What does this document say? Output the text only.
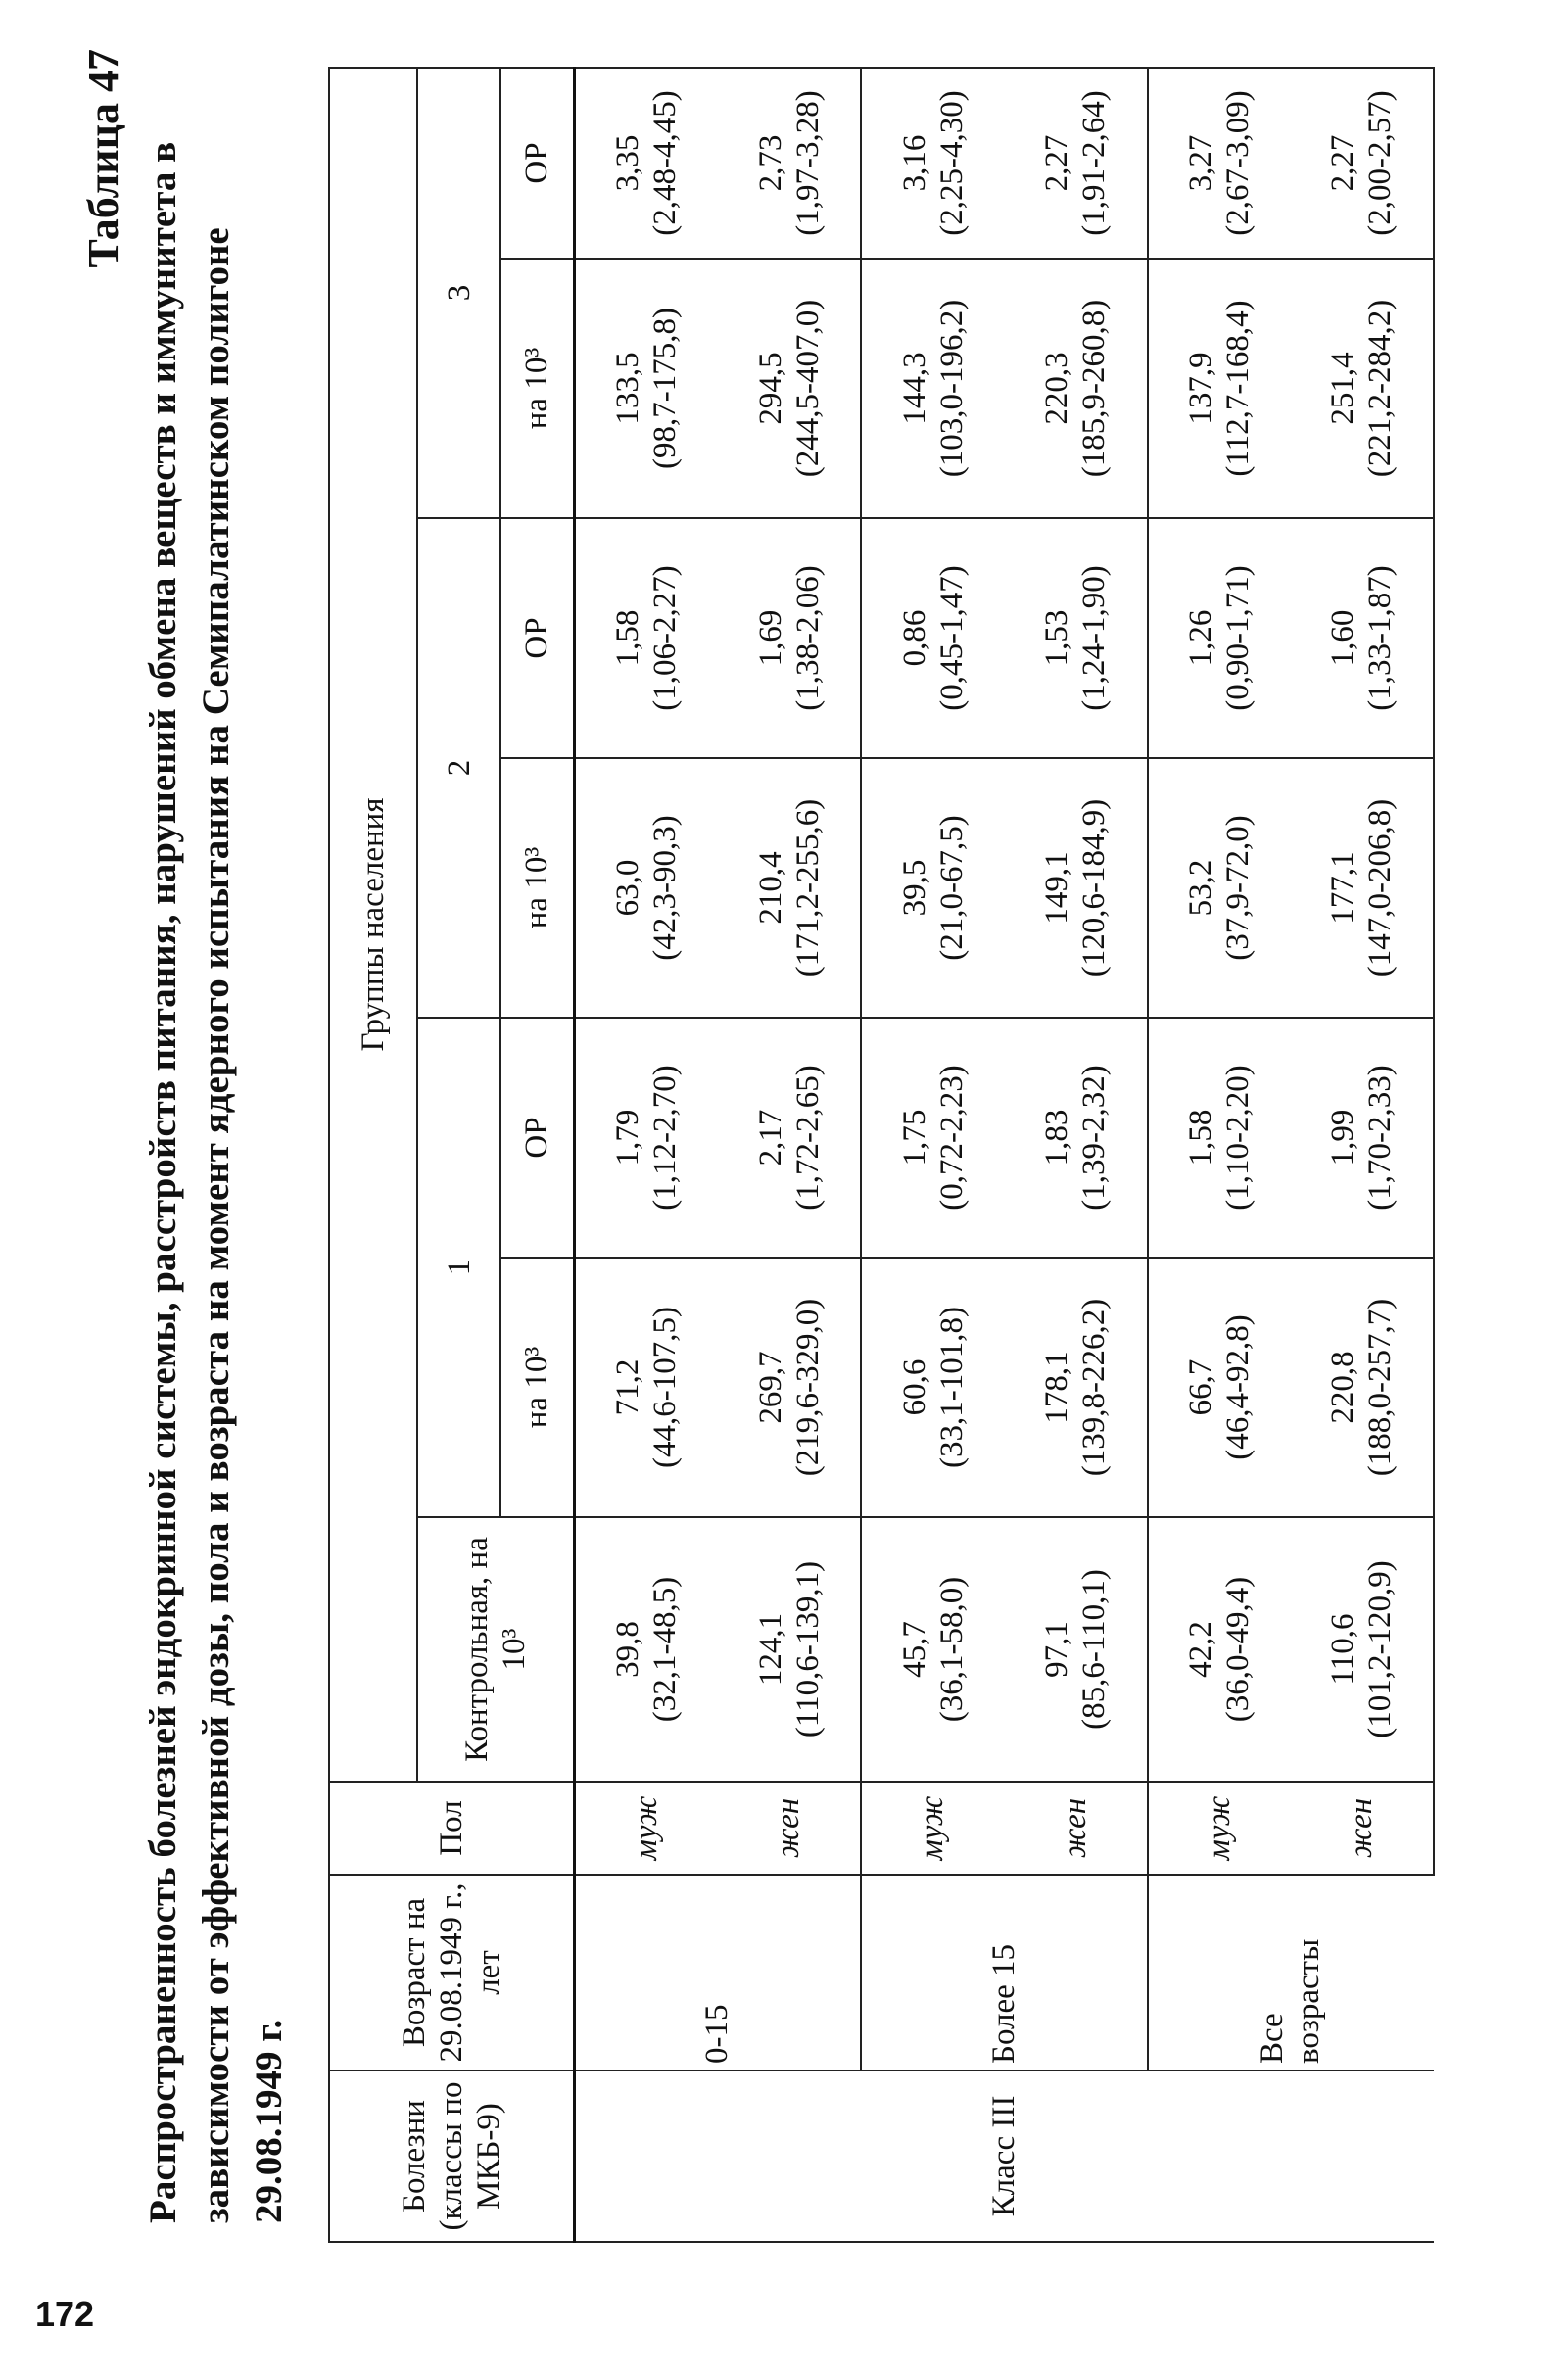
172
Таблица 47 Распространенность болезней эндокринной системы, расстройств питания, нарушений обмена веществ и иммунитета в зависимости от эффективной дозы, пола и возраста на момент ядерного испытания на Семипалатинском полигоне 29.08.1949 г.	Болезни (классы по МКБ-9)	Возраст на 29.08.1949 г., лет	Пол	Группы населения						
			Контрольная, на 10³	1		2		3	
				на 10³	ОР	на 10³	ОР	на 10³	ОР
Класс III	0-15	муж	39,8 (32,1-48,5)	71,2 (44,6-107,5)	1,79 (1,12-2,70)	63,0 (42,3-90,3)	1,58 (1,06-2,27)	133,5 (98,7-175,8)	3,35 (2,48-4,45)

		жен	124,1 (110,6-139,1)	269,7 (219,6-329,0)	2,17 (1,72-2,65)	210,4 (171,2-255,6)	1,69 (1,38-2,06)	294,5 (244,5-407,0)	2,73 (1,97-3,28)

	Более 15	муж	45,7 (36,1-58,0)	60,6 (33,1-101,8)	1,75 (0,72-2,23)	39,5 (21,0-67,5)	0,86 (0,45-1,47)	144,3 (103,0-196,2)	3,16 (2,25-4,30)

		жен	97,1 (85,6-110,1)	178,1 (139,8-226,2)	1,83 (1,39-2,32)	149,1 (120,6-184,9)	1,53 (1,24-1,90)	220,3 (185,9-260,8)	2,27 (1,91-2,64)

	Все возрасты	муж	42,2 (36,0-49,4)	66,7 (46,4-92,8)	1,58 (1,10-2,20)	53,2 (37,9-72,0)	1,26 (0,90-1,71)	137,9 (112,7-168,4)	3,27 (2,67-3,09)

		жен	110,6 (101,2-120,9)	220,8 (188,0-257,7)	1,99 (1,70-2,33)	177,1 (147,0-206,8)	1,60 (1,33-1,87)	251,4 (221,2-284,2)	2,27 (2,00-2,57)
